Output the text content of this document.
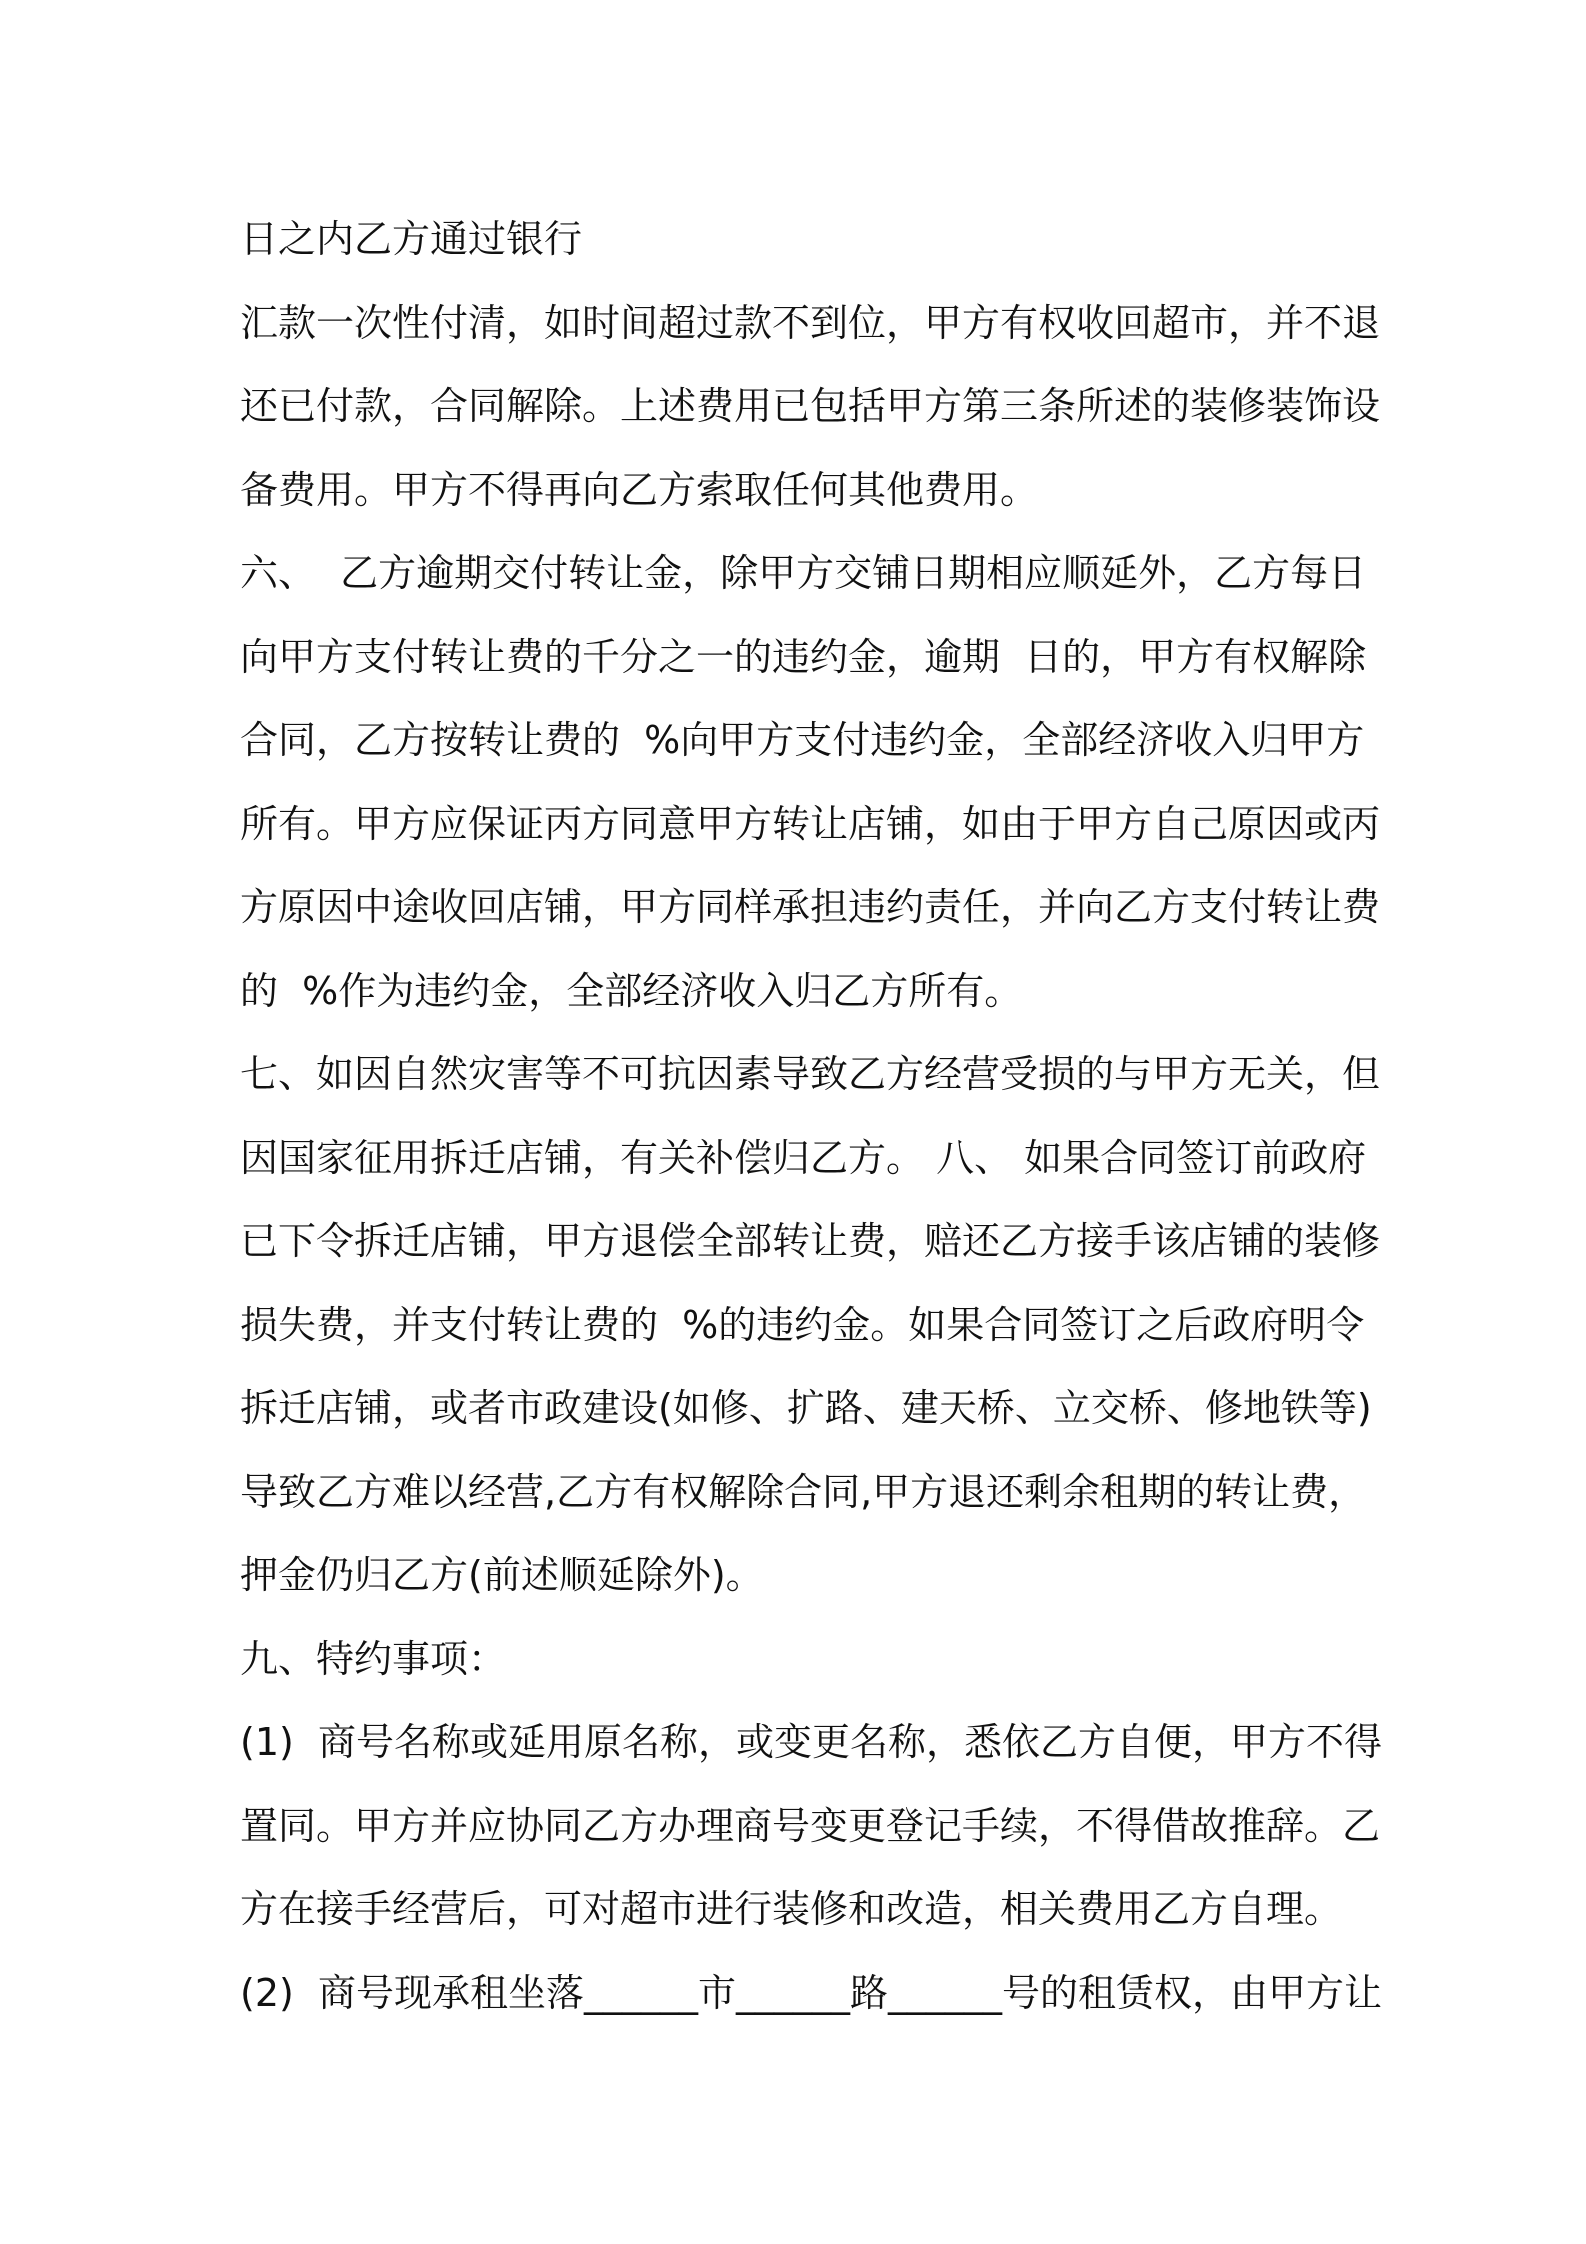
日之内乙方通过银行
汇款一次性付清，如时间超过款不到位，甲方有权收回超市，并不退
还已付款，合同解除。上述费用已包括甲方第三条所述的装修装饰设
备费用。甲方不得再向乙方索取任何其他费用。
六、  乙方逾期交付转让金，除甲方交铺日期相应顺延外，乙方每日
向甲方支付转让费的千分之一的违约金，逾期  日的，甲方有权解除
合同，乙方按转让费的  %向甲方支付违约金，全部经济收入归甲方
所有。甲方应保证丙方同意甲方转让店铺，如由于甲方自己原因或丙
方原因中途收回店铺，甲方同样承担违约责任，并向乙方支付转让费
的  %作为违约金，全部经济收入归乙方所有。
七、如因自然灾害等不可抗因素导致乙方经营受损的与甲方无关，但
因国家征用拆迁店铺，有关补偿归乙方。 八、 如果合同签订前政府
已下令拆迁店铺，甲方退偿全部转让费，赔还乙方接手该店铺的装修
损失费，并支付转让费的  %的违约金。如果合同签订之后政府明令
拆迁店铺，或者市政建设(如修、扩路、建天桥、立交桥、修地铁等)
导致乙方难以经营,乙方有权解除合同,甲方退还剩余租期的转让费，
押金仍归乙方(前述顺延除外)。
九、特约事项：
(1)  商号名称或延用原名称，或变更名称，悉依乙方自便，甲方不得
置同。甲方并应协同乙方办理商号变更登记手续，不得借故推辞。乙
方在接手经营后，可对超市进行装修和改造，相关费用乙方自理。
(2)  商号现承租坐落______市______路______号的租赁权，由甲方让
